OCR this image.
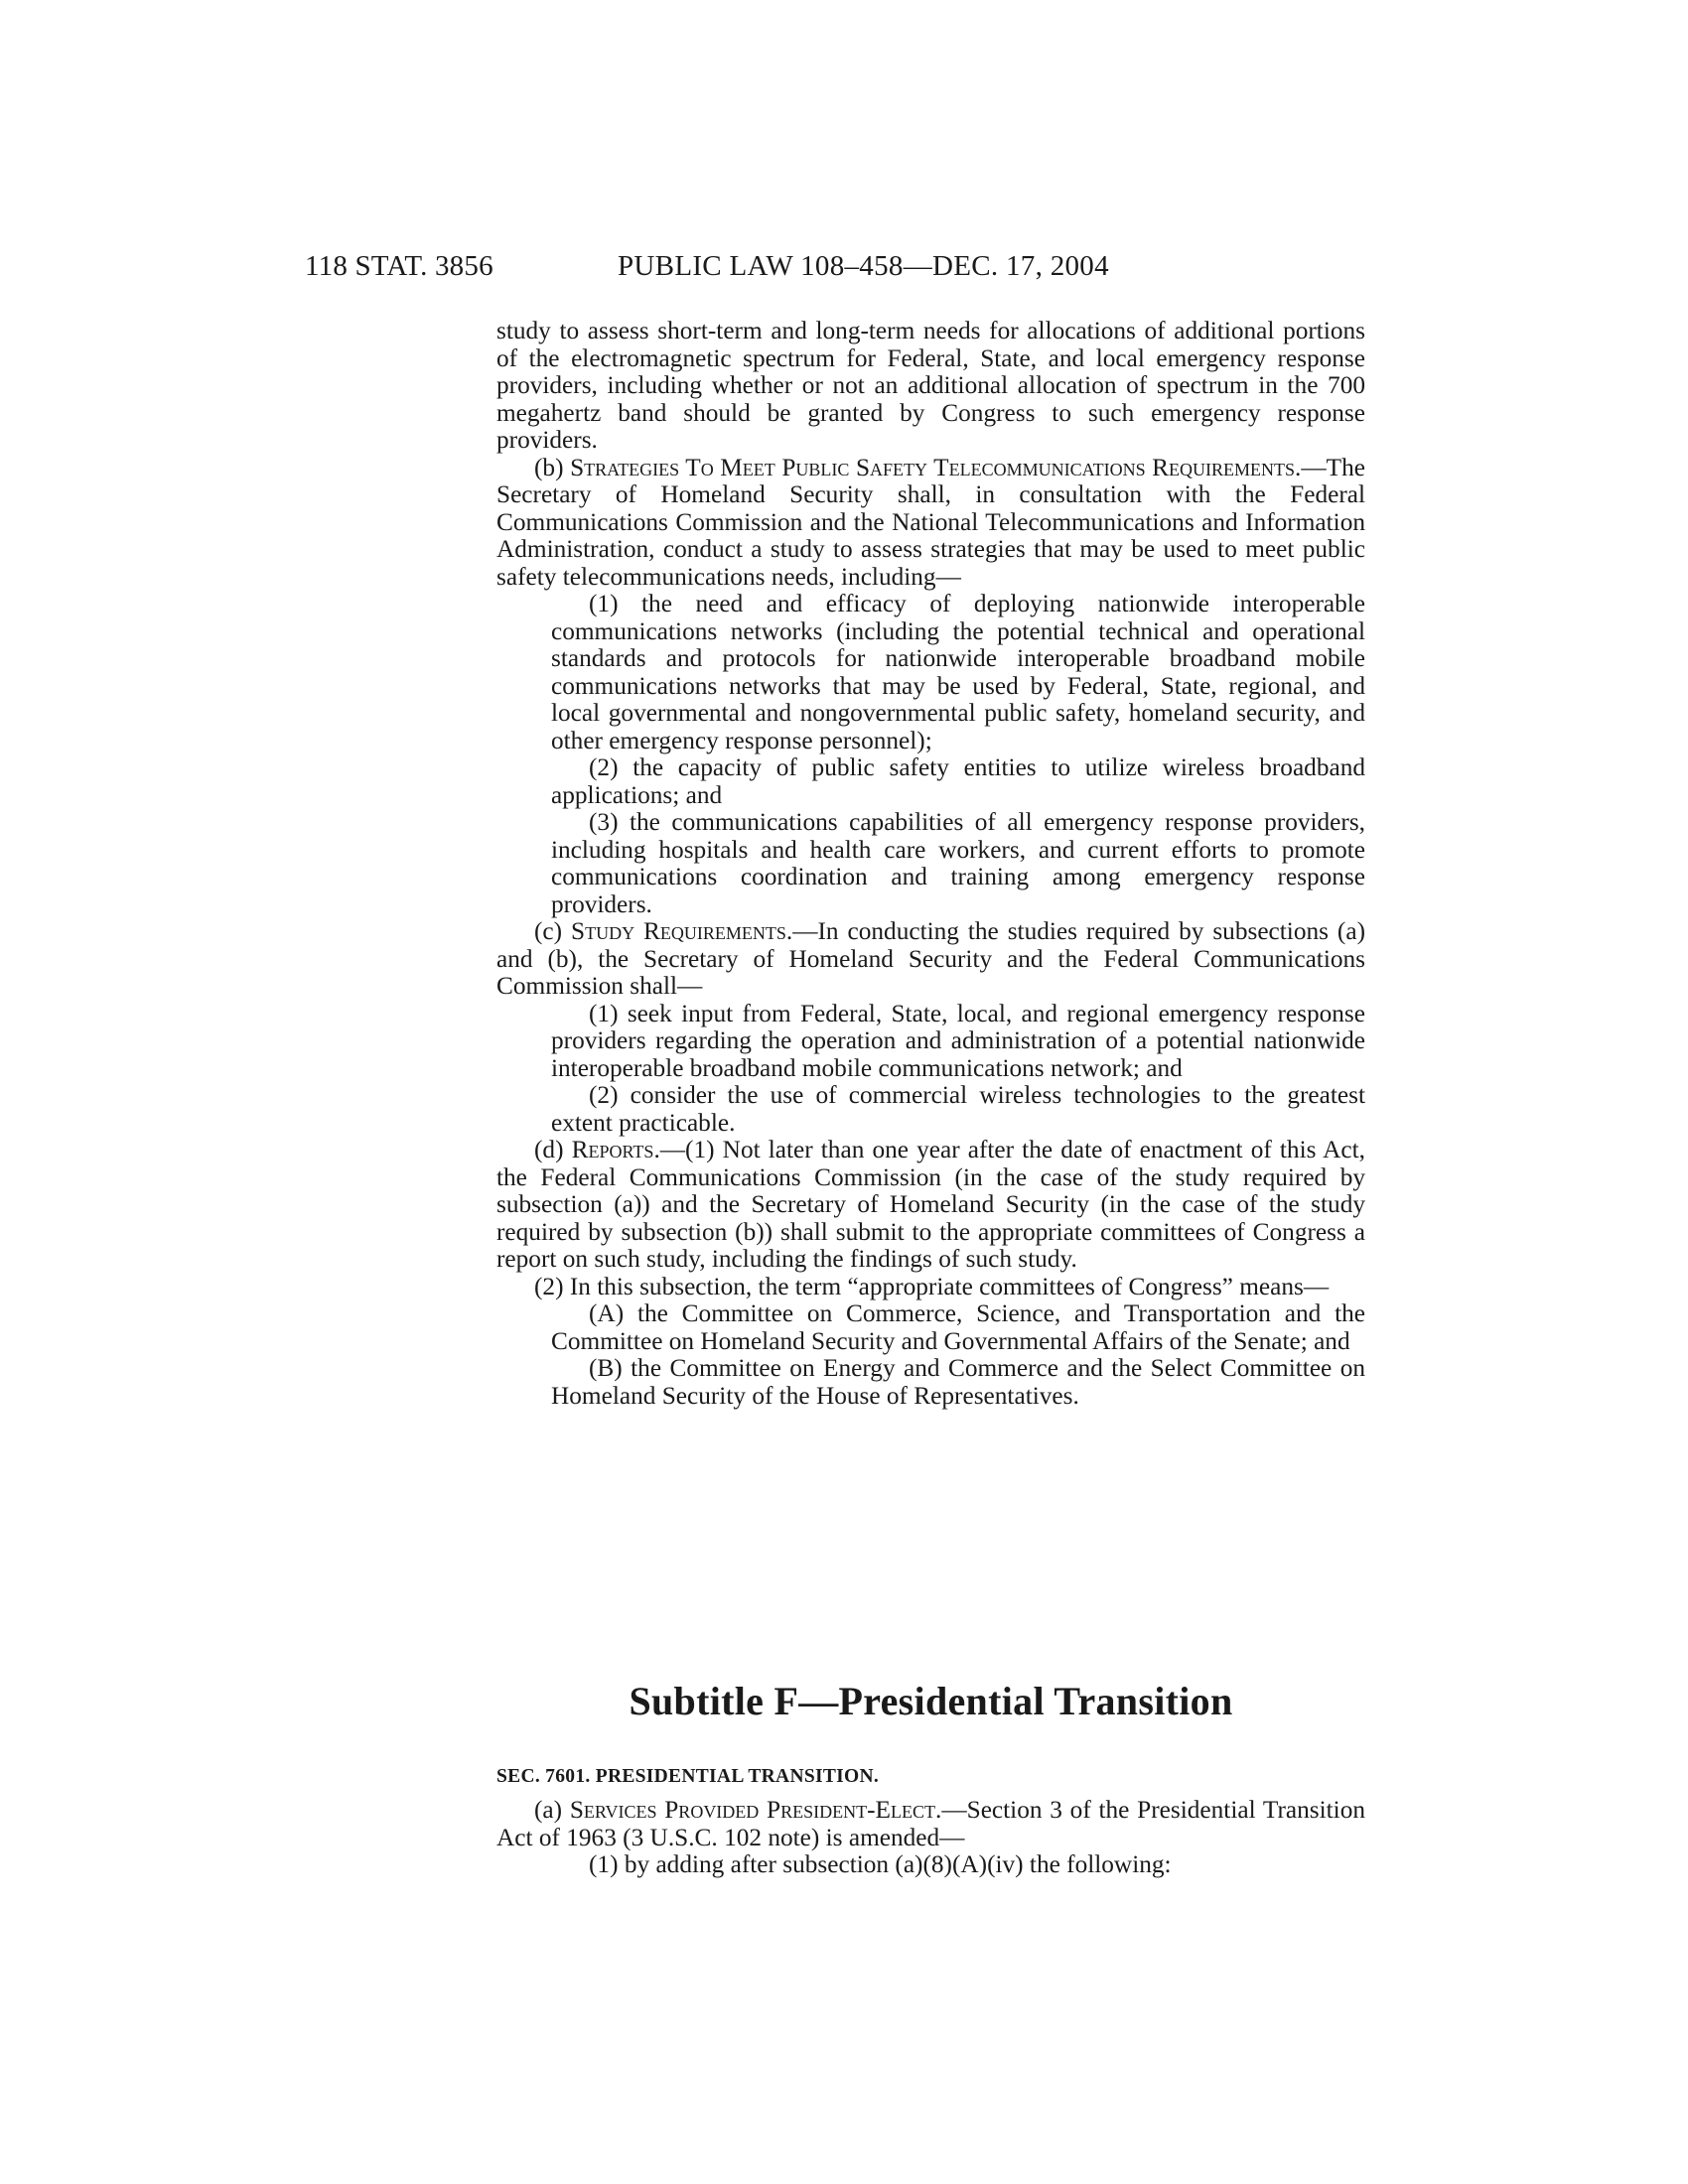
118 STAT. 3856	PUBLIC LAW 108–458—DEC. 17, 2004

study to assess short-term and long-term needs for allocations of additional portions of the electromagnetic spectrum for Federal, State, and local emergency response providers, including whether or not an additional allocation of spectrum in the 700 megahertz band should be granted by Congress to such emergency response providers.

(b) Strategies To Meet Public Safety Telecommunications Requirements.—The Secretary of Homeland Security shall, in consultation with the Federal Communications Commission and the National Telecommunications and Information Administration, conduct a study to assess strategies that may be used to meet public safety telecommunications needs, including—

(1) the need and efficacy of deploying nationwide interoperable communications networks (including the potential technical and operational standards and protocols for nationwide interoperable broadband mobile communications networks that may be used by Federal, State, regional, and local governmental and nongovernmental public safety, homeland security, and other emergency response personnel);

(2) the capacity of public safety entities to utilize wireless broadband applications; and

(3) the communications capabilities of all emergency response providers, including hospitals and health care workers, and current efforts to promote communications coordination and training among emergency response providers.

(c) Study Requirements.—In conducting the studies required by subsections (a) and (b), the Secretary of Homeland Security and the Federal Communications Commission shall—

(1) seek input from Federal, State, local, and regional emergency response providers regarding the operation and administration of a potential nationwide interoperable broadband mobile communications network; and

(2) consider the use of commercial wireless technologies to the greatest extent practicable.

(d) Reports.—(1) Not later than one year after the date of enactment of this Act, the Federal Communications Commission (in the case of the study required by subsection (a)) and the Secretary of Homeland Security (in the case of the study required by subsection (b)) shall submit to the appropriate committees of Congress a report on such study, including the findings of such study.

(2) In this subsection, the term “appropriate committees of Congress” means—

(A) the Committee on Commerce, Science, and Transportation and the Committee on Homeland Security and Governmental Affairs of the Senate; and

(B) the Committee on Energy and Commerce and the Select Committee on Homeland Security of the House of Representatives.

Subtitle F—Presidential Transition
SEC. 7601. PRESIDENTIAL TRANSITION.

(a) Services Provided President-Elect.—Section 3 of the Presidential Transition Act of 1963 (3 U.S.C. 102 note) is amended—

(1) by adding after subsection (a)(8)(A)(iv) the following:
